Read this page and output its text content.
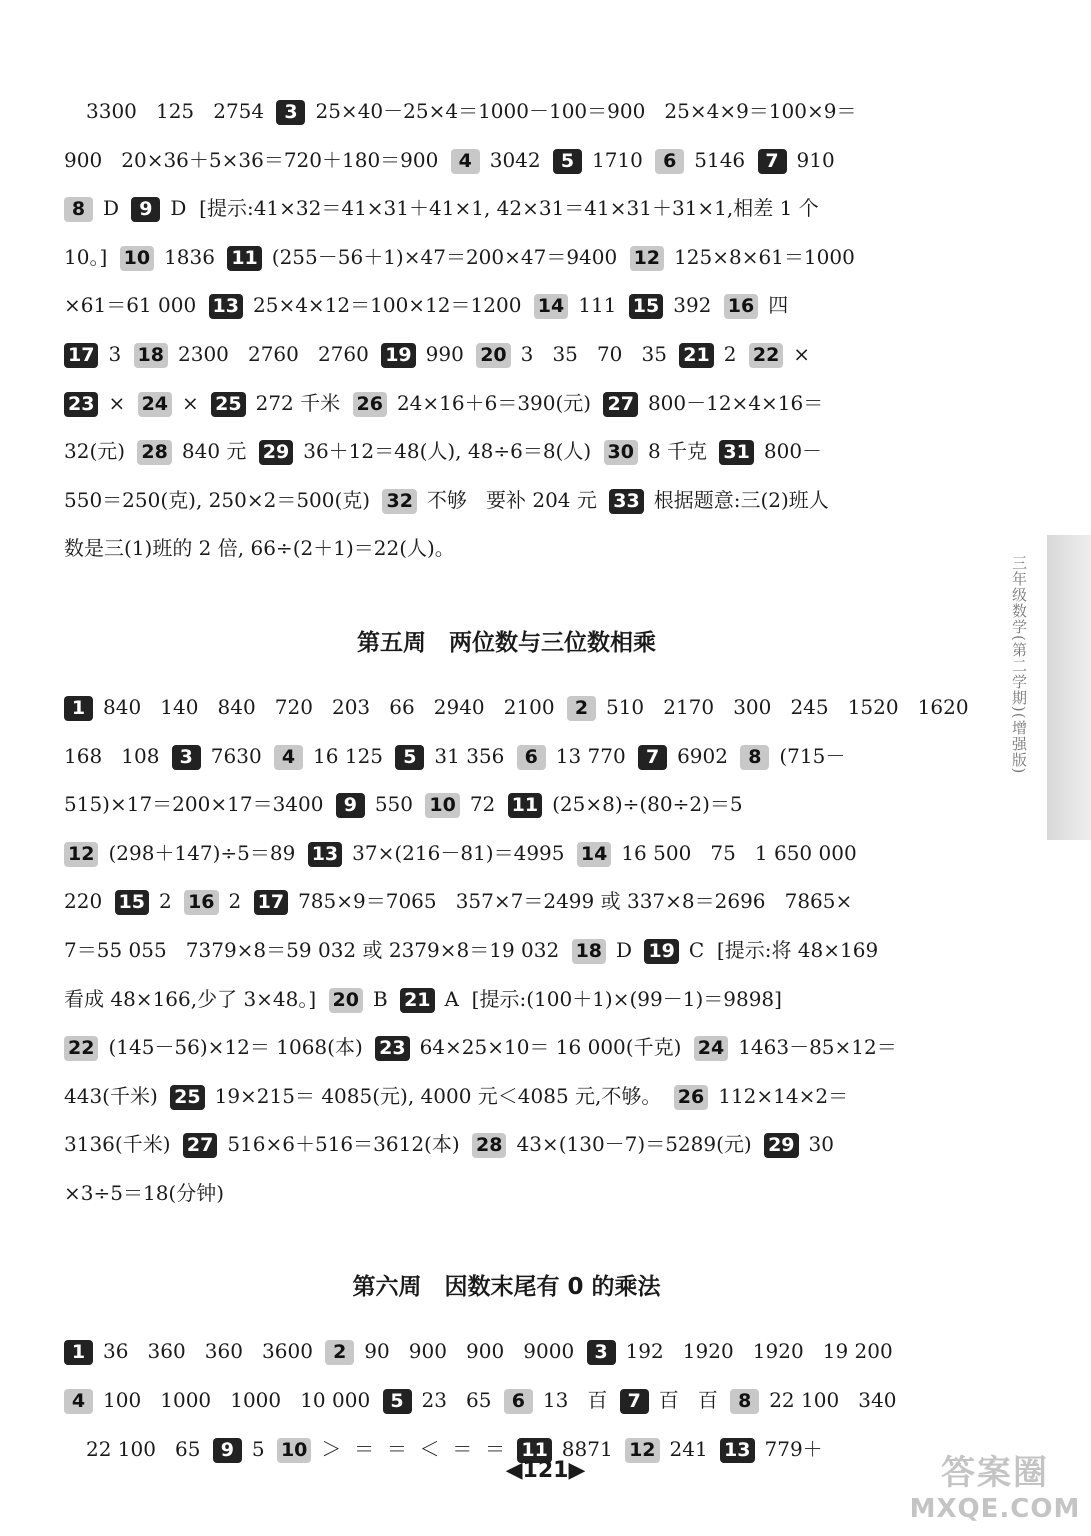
3300   125   2754 3 25×40－25×4＝1000－100＝900   25×4×9＝100×9＝
900   20×36＋5×36＝720＋180＝900 4 3042 5 1710 6 5146 7 910
8 D 9 D  [提示:41×32＝41×31＋41×1, 42×31＝41×31＋31×1,相差 1 个
10。] 10 1836 11 (255－56＋1)×47＝200×47＝9400 12 125×8×61＝1000
×61＝61 000 13 25×4×12＝100×12＝1200 14 111 15 392 16 四
17 3 18 2300   2760   2760 19 990 20 3   35   70   35 21 2 22 ×
23 × 24 × 25 272 千米 26 24×16＋6＝390(元) 27 800－12×4×16＝
32(元) 28 840 元 29 36＋12＝48(人), 48÷6＝8(人) 30 8 千克 31 800－
550＝250(克), 250×2＝500(克) 32 不够   要补 204 元 33 根据题意:三(2)班人
数是三(1)班的 2 倍, 66÷(2＋1)＝22(人)。
第五周　两位数与三位数相乘
1 840   140   840   720   203   66   2940   2100 2 510   2170   300   245   1520   1620
168   108 3 7630 4 16 125 5 31 356 6 13 770 7 6902 8 (715－
515)×17＝200×17＝3400 9 550 10 72 11 (25×8)÷(80÷2)＝5
12 (298＋147)÷5＝89 13 37×(216－81)＝4995 14 16 500   75   1 650 000
220 15 2 16 2 17 785×9＝7065   357×7＝2499 或 337×8＝2696   7865×
7＝55 055   7379×8＝59 032 或 2379×8＝19 032 18 D 19 C  [提示:将 48×169
看成 48×166,少了 3×48。] 20 B 21 A  [提示:(100＋1)×(99－1)＝9898]
22 (145－56)×12＝ 1068(本) 23 64×25×10＝ 16 000(千克) 24 1463－85×12＝
443(千米) 25 19×215＝ 4085(元), 4000 元＜4085 元,不够。 26 112×14×2＝
3136(千米) 27 516×6＋516＝3612(本) 28 43×(130－7)＝5289(元) 29 30
×3÷5＝18(分钟)
第六周　因数末尾有 0 的乘法
1 36   360   360   3600 2 90   900   900   9000 3 192   1920   1920   19 200
4 100   1000   1000   10 000 5 23   65 6 13   百 7 百   百 8 22 100   340
22 100   65 9 5 10 ＞  ＝  ＝  ＜  ＝  ＝ 11 8871 12 241 13 779＋
三年级数学(第二学期)(增强版)
◀121▶	答案圈
MXQE.COM
